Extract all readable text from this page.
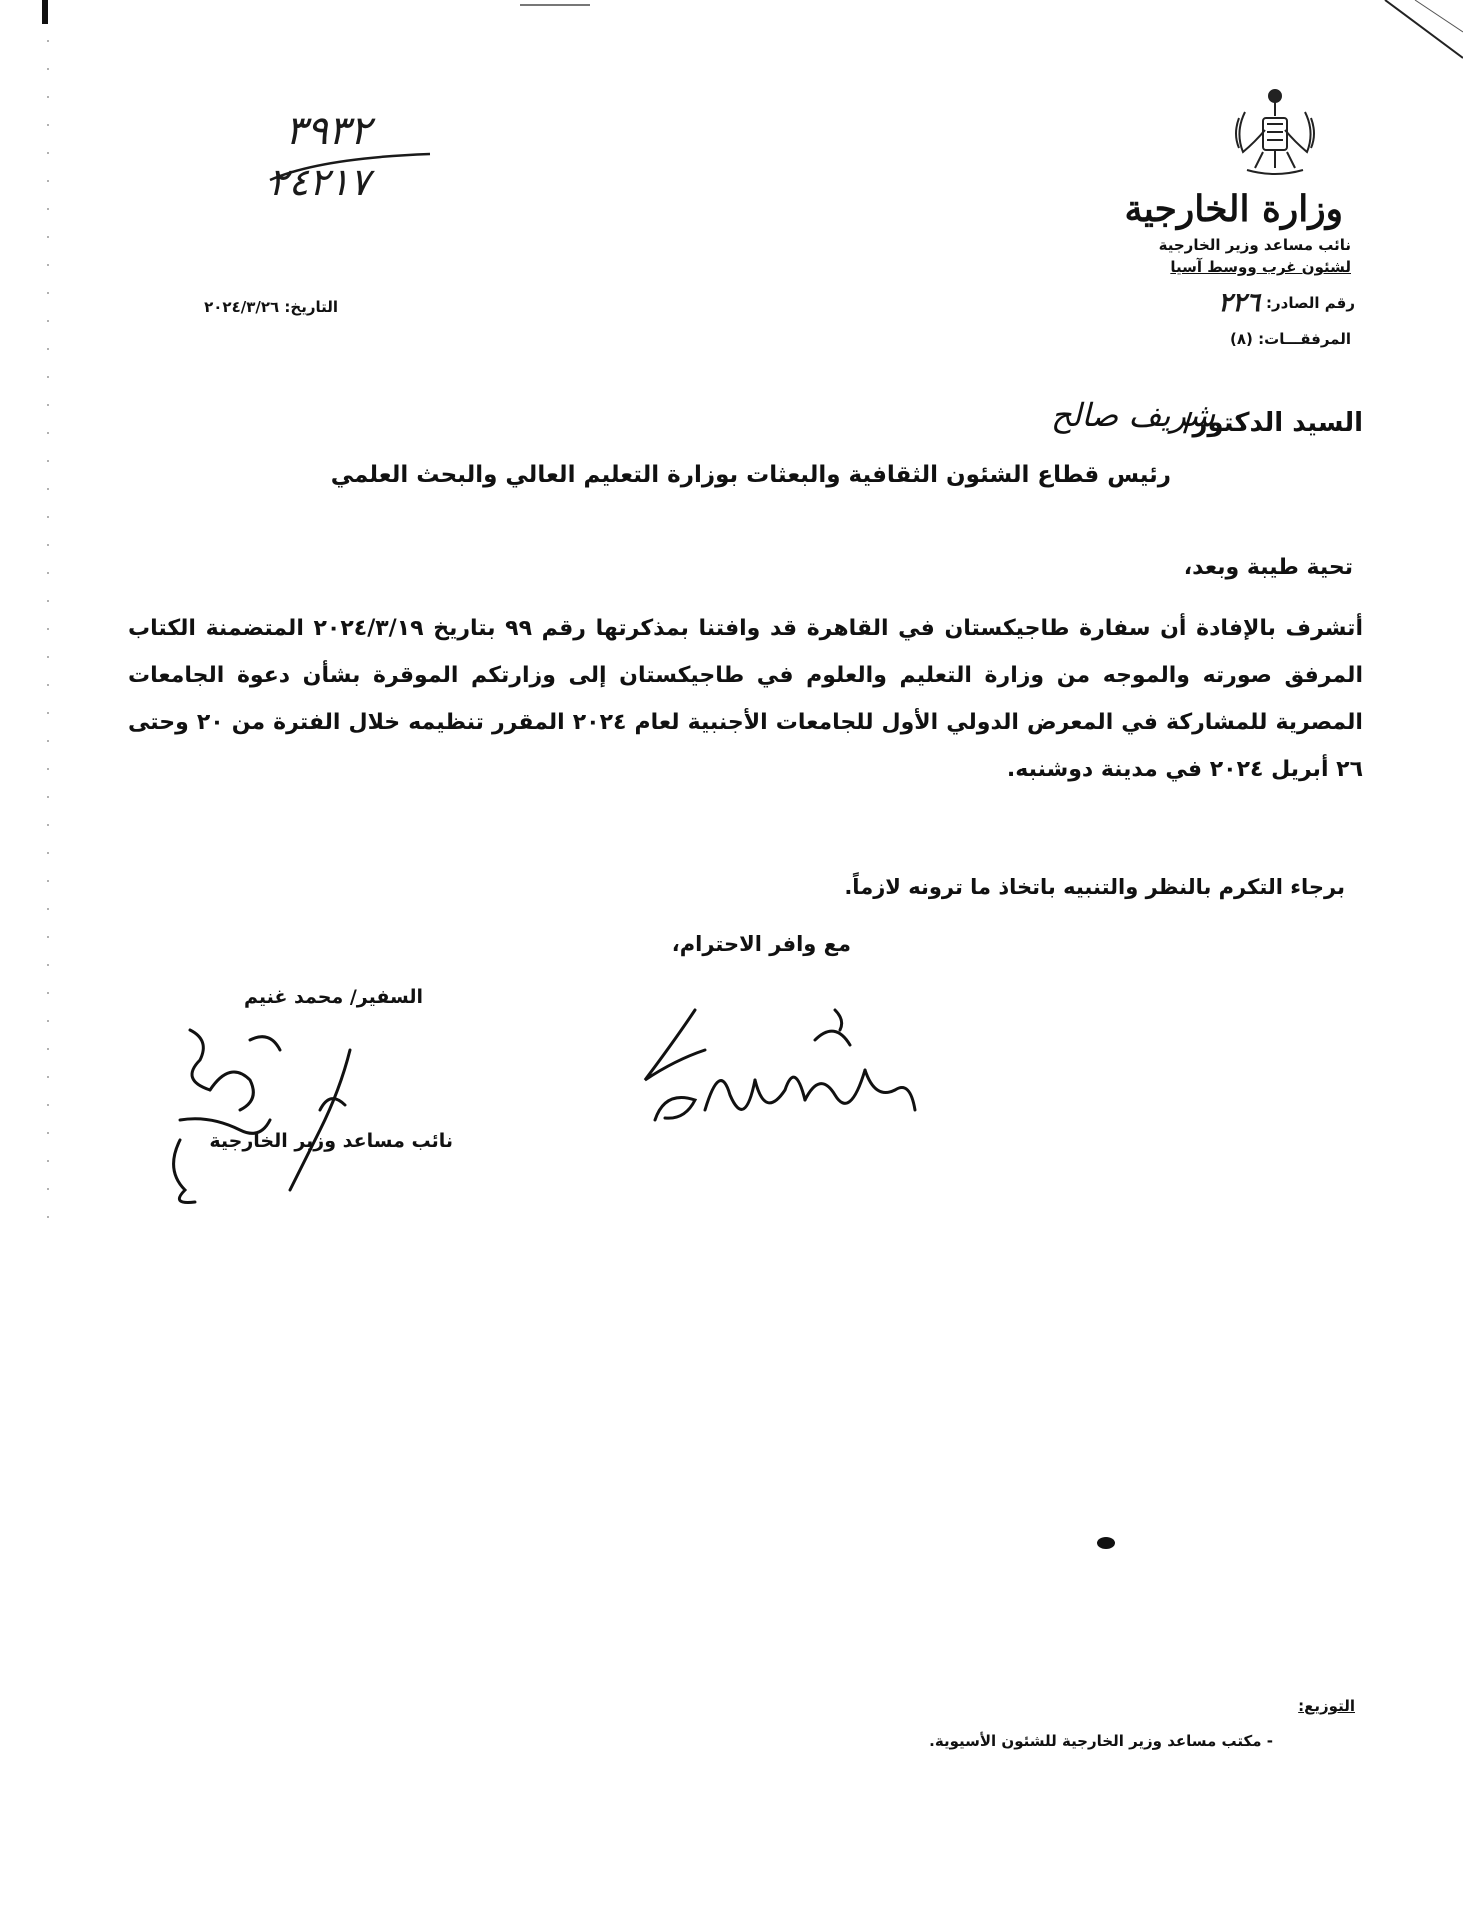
وزارة الخارجية
نائب مساعد وزير الخارجية
لشئون غرب ووسط آسيا
رقم الصادر:
٢٢٦
المرفقـــات: (٨)
٣٩٣٢
٢٤٢١٧
التاريخ: ٢٠٢٤/٣/٢٦
السيد الدكتور/
شريف صالح
رئيس قطاع الشئون الثقافية والبعثات بوزارة التعليم العالي والبحث العلمي
تحية طيبة وبعد،
أتشرف بالإفادة أن سفارة طاجيكستان في القاهرة قد وافتنا بمذكرتها رقم ٩٩ بتاريخ ٢٠٢٤/٣/١٩ المتضمنة الكتاب المرفق صورته والموجه من وزارة التعليم والعلوم في طاجيكستان إلى وزارتكم الموقرة بشأن دعوة الجامعات المصرية للمشاركة في المعرض الدولي الأول للجامعات الأجنبية لعام ٢٠٢٤ المقرر تنظيمه خلال الفترة من ٢٠ وحتى ٢٦ أبريل ٢٠٢٤ في مدينة دوشنبه.
برجاء التكرم بالنظر والتنبيه باتخاذ ما ترونه لازماً.
مع وافر الاحترام،
السفير/ محمد غنيم
نائب مساعد وزير الخارجية
التوزيع:
- مكتب مساعد وزير الخارجية للشئون الأسيوية.
